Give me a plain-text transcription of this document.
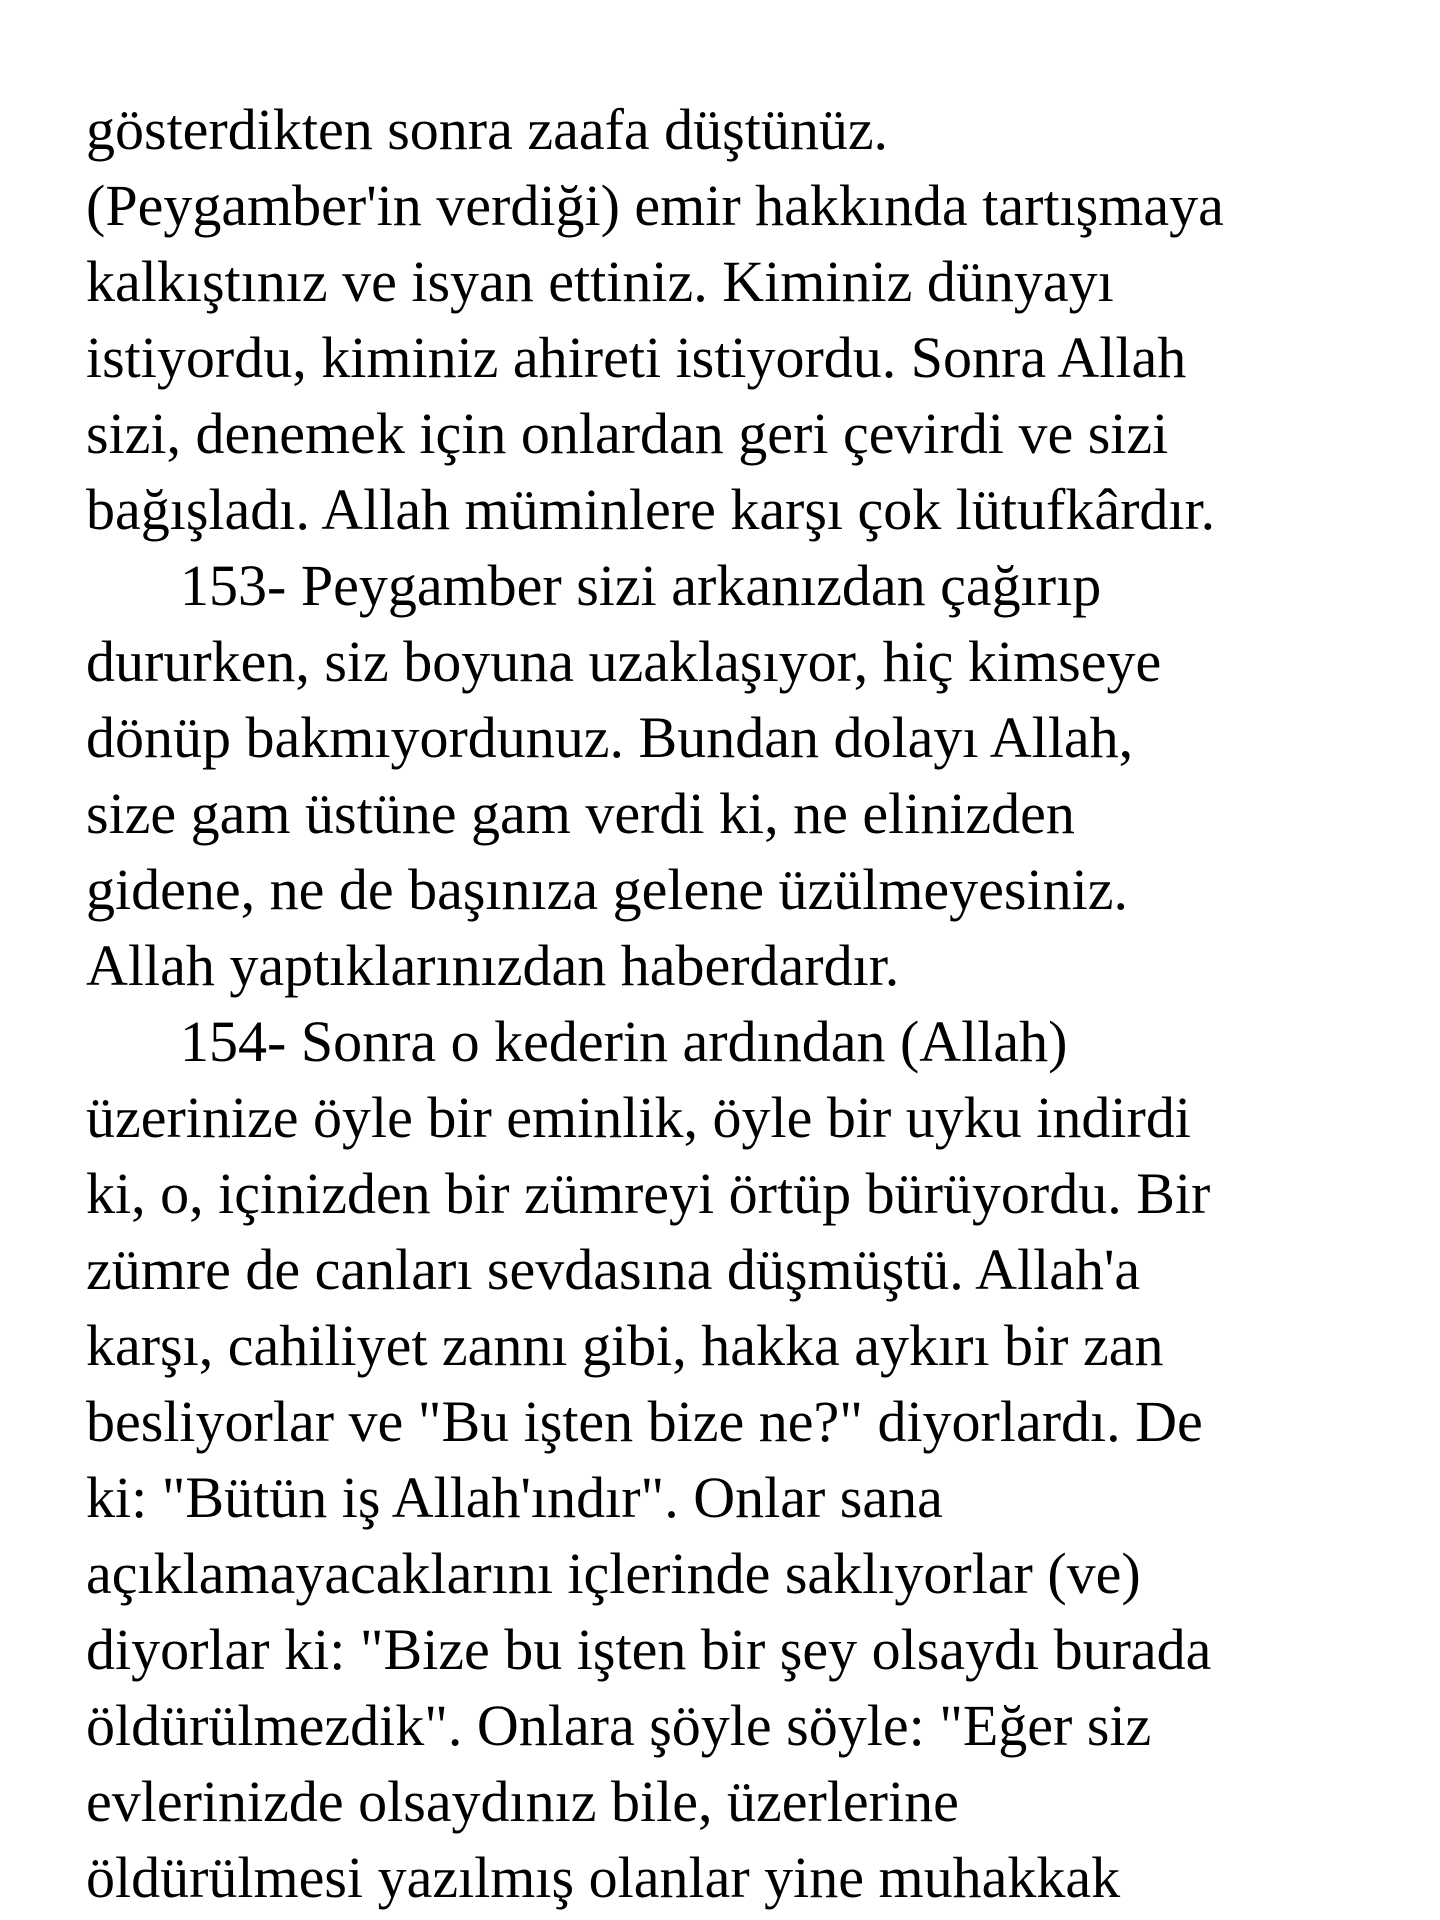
gösterdikten sonra zaafa düştünüz.
(Peygamber'in verdiği) emir hakkında tartışmaya
kalkıştınız ve isyan ettiniz. Kiminiz dünyayı
istiyordu, kiminiz ahireti istiyordu. Sonra Allah
sizi, denemek için onlardan geri çevirdi ve sizi
bağışladı. Allah müminlere karşı çok lütufkârdır.
153- Peygamber sizi arkanızdan çağırıp
dururken, siz boyuna uzaklaşıyor, hiç kimseye
dönüp bakmıyordunuz. Bundan dolayı Allah,
size gam üstüne gam verdi ki, ne elinizden
gidene, ne de başınıza gelene üzülmeyesiniz.
Allah yaptıklarınızdan haberdardır.
154- Sonra o kederin ardından (Allah)
üzerinize öyle bir eminlik, öyle bir uyku indirdi
ki, o, içinizden bir zümreyi örtüp bürüyordu. Bir
zümre de canları sevdasına düşmüştü. Allah'a
karşı, cahiliyet zannı gibi, hakka aykırı bir zan
besliyorlar ve "Bu işten bize ne?" diyorlardı. De
ki: "Bütün iş Allah'ındır". Onlar sana
açıklamayacaklarını içlerinde saklıyorlar (ve)
diyorlar ki: "Bize bu işten bir şey olsaydı burada
öldürülmezdik". Onlara şöyle söyle: "Eğer siz
evlerinizde olsaydınız bile, üzerlerine
öldürülmesi yazılmış olanlar yine muhakkak
